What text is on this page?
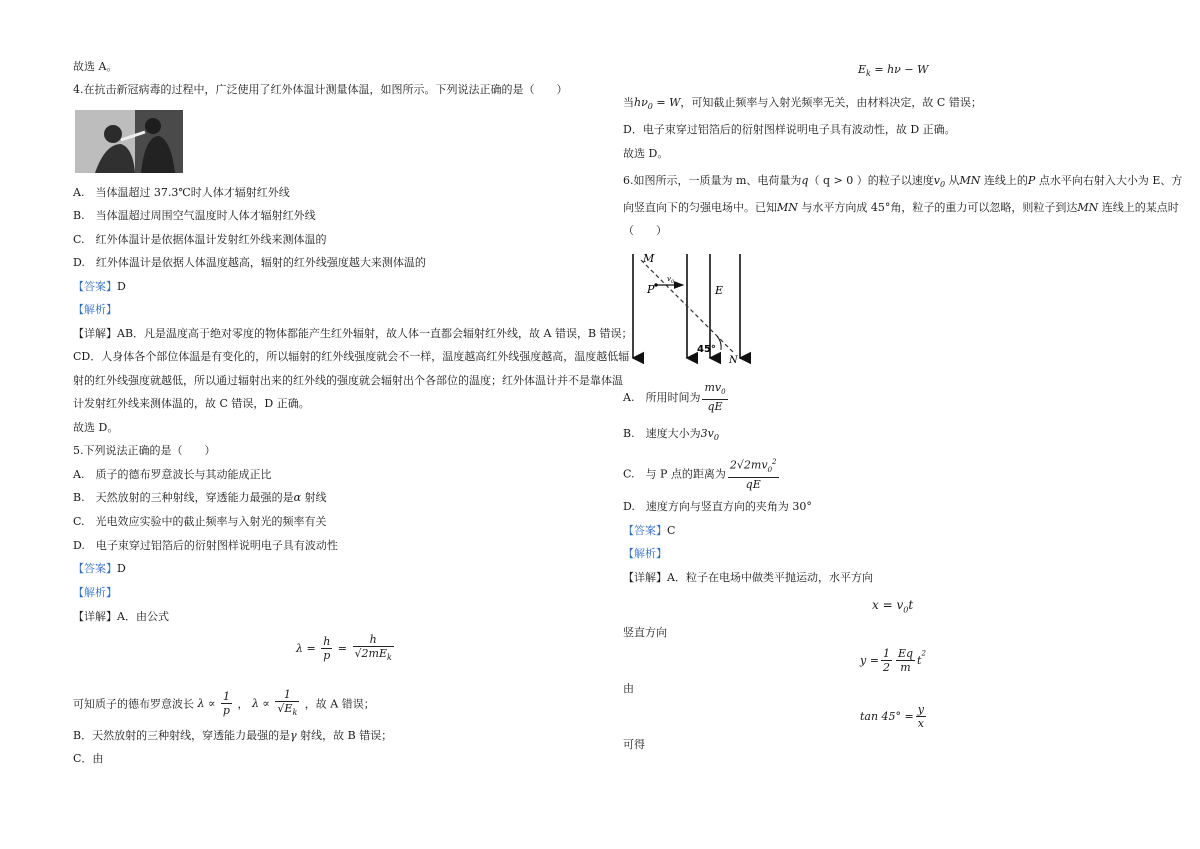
故选 A。
4.在抗击新冠病毒的过程中，广泛使用了红外体温计测量体温，如图所示。下列说法正确的是（　　）
A.　当体温超过 37.3℃时人体才辐射红外线
B.　当体温超过周围空气温度时人体才辐射红外线
C.　红外体温计是依据体温计发射红外线来测体温的
D.　红外体温计是依据人体温度越高，辐射的红外线强度越大来测体温的
【答案】D
【解析】
【详解】AB．凡是温度高于绝对零度的物体都能产生红外辐射，故人体一直都会辐射红外线，故 A 错误，B 错误；
CD．人身体各个部位体温是有变化的，所以辐射的红外线强度就会不一样，温度越高红外线强度越高，温度越低辐
射的红外线强度就越低，所以通过辐射出来的红外线的强度就会辐射出个各部位的温度；红外体温计并不是靠体温
计发射红外线来测体温的，故 C 错误，D 正确。
故选 D。
5.下列说法正确的是（　　）
A.　质子的德布罗意波长与其动能成正比
B.　天然放射的三种射线，穿透能力最强的是α 射线
C.　光电效应实验中的截止频率与入射光的频率有关
D.　电子束穿过铝箔后的衍射图样说明电子具有波动性
【答案】D
【解析】
【详解】A．由公式
$\lambda = \frac{h}{p} = \frac{h}{√2mE_k}$
可知质子的德布罗意波长 $\lambda \propto \frac{1}{p}$ ， $\lambda \propto \frac{1}{√E_k}$ ，故 A 错误；
B．天然放射的三种射线，穿透能力最强的是γ 射线，故 B 错误；
C．由
$E_k = h\nu - W$
当$h\nu_0 = W$，可知截止频率与入射光频率无关，由材料决定，故 C 错误；
D．电子束穿过铝箔后的衍射图样说明电子具有波动性，故 D 正确。
故选 D。
6.如图所示，一质量为 m、电荷量为q（ q > 0 ）的粒子以速度$v_0$ 从MN 连线上的P 点水平向右射入大小为 E、方
向竖直向下的匀强电场中。已知MN 与水平方向成 45°角，粒子的重力可以忽略，则粒子到达MN 连线上的某点时
（　　）
M
P
$v_0$
E
45°
N
A.　所用时间为 $\frac{mv_0}{qE}$
B.　速度大小为$3v_0$
C.　与 P 点的距离为 $\frac{2√2mv_0^2}{qE}$
D.　速度方向与竖直方向的夹角为 30°
【答案】C
【解析】
【详解】A．粒子在电场中做类平抛运动，水平方向
$x = v_0t$
竖直方向
$y = \frac{1}{2} \frac{Eq}{m} t^2$
由
$\tan 45^\circ = \frac{y}{x}$
可得
